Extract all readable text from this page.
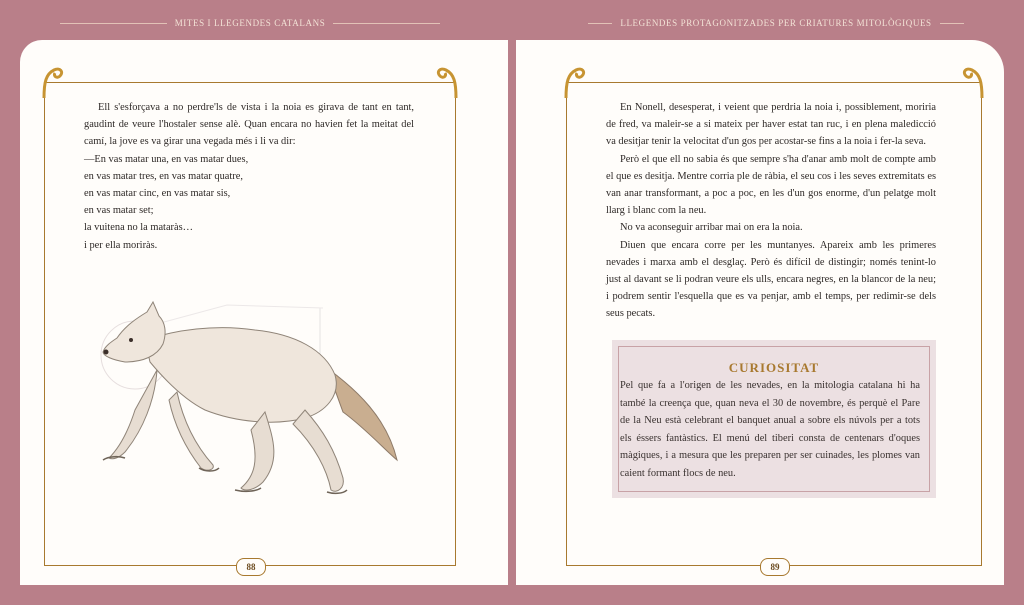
MITES I LLEGENDES CATALANS	LLEGENDES PROTAGONITZADES PER CRIATURES MITOLÒGIQUES

Ell s'esforçava a no perdre'ls de vista i la noia es girava de tant en tant, gaudint de veure l'hostaler sense alè. Quan encara no havien fet la meitat del camí, la jove es va girar una vegada més i li va dir:

—En vas matar una, en vas matar dues,
en vas matar tres, en vas matar quatre,
en vas matar cinc, en vas matar sis,
en vas matar set;
la vuitena no la mataràs…
i per ella moriràs.

En Nonell, desesperat, i veient que perdria la noia i, possiblement, moriria de fred, va maleir-se a si mateix per haver estat tan ruc, i en plena maledicció va desitjar tenir la velocitat d'un gos per acostar-se fins a la noia i fer-la seva.

Però el que ell no sabia és que sempre s'ha d'anar amb molt de compte amb el que es desitja. Mentre corria ple de ràbia, el seu cos i les seves extremitats es van anar transformant, a poc a poc, en les d'un gos enorme, d'un pelatge molt llarg i blanc com la neu.

No va aconseguir arribar mai on era la noia.

Diuen que encara corre per les muntanyes. Apareix amb les primeres nevades i marxa amb el desglaç. Però és difícil de distingir; només tenint-lo just al davant se li podran veure els ulls, encara negres, en la blancor de la neu; i podrem sentir l'esquella que es va penjar, amb el temps, per redimir-se dels seus pecats.

CURIOSITAT

Pel que fa a l'origen de les nevades, en la mitologia catalana hi ha també la creença que, quan neva el 30 de novembre, és perquè el Pare de la Neu està celebrant el banquet anual a sobre els núvols per a tots els éssers fantàstics. El menú del tiberi consta de centenars d'oques màgiques, i a mesura que les preparen per ser cuinades, les plomes van caient formant flocs de neu.

88	89
